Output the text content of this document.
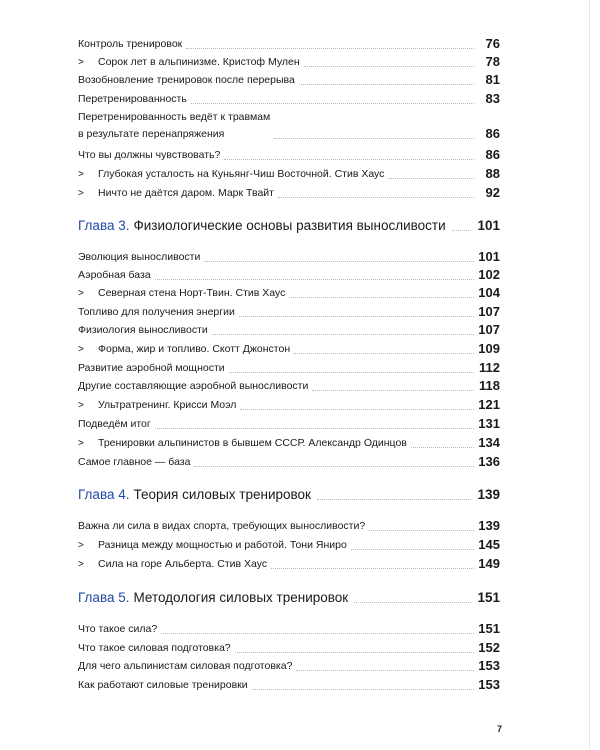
Контроль тренировок	76
>	Сорок лет в альпинизме. Кристоф Мулен	78
Возобновление тренировок после перерыва	81
Перетренированность	83
Перетренированность ведёт к травмам
в результате перенапряжения	86
Что вы должны чувствовать?	86
>	Глубокая усталость на Куньянг-Чиш Восточной. Стив Хаус	88
>	Ничто не даётся даром. Марк Твайт	92
Глава 3. Физиологические основы развития выносливости 101
Эволюция выносливости	101
Аэробная база	102
>	Северная стена Норт-Твин. Стив Хаус	104
Топливо для получения энергии	107
Физиология выносливости	107
>	Форма, жир и топливо. Скотт Джонстон	109
Развитие аэробной мощности	112
Другие составляющие аэробной выносливости	118
>	Ультратренинг. Крисси Моэл	121
Подведём итог	131
>	Тренировки альпинистов в бывшем СССР. Александр Одинцов	134
Самое главное — база	136
Глава 4. Теория силовых тренировок	139
Важна ли сила в видах спорта, требующих выносливости?	139
>	Разница между мощностью и работой. Тони Яниро	145
>	Сила на горе Альберта. Стив Хаус	149
Глава 5. Методология силовых тренировок	151
Что такое сила?	151
Что такое силовая подготовка?	152
Для чего альпинистам силовая подготовка?	153
Как работают силовые тренировки	153
7
